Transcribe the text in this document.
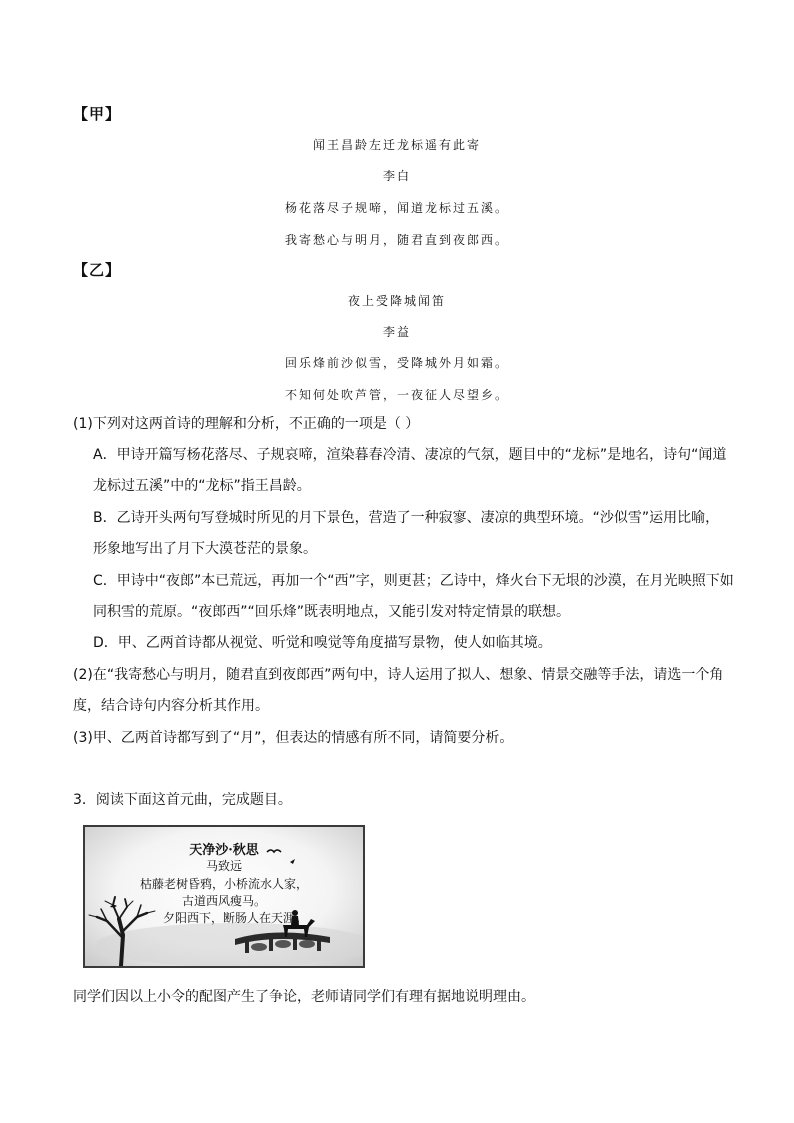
【甲】
闻王昌龄左迁龙标遥有此寄
李白
杨花落尽子规啼，闻道龙标过五溪。
我寄愁心与明月，随君直到夜郎西。
【乙】
夜上受降城闻笛
李益
回乐烽前沙似雪，受降城外月如霜。
不知何处吹芦管，一夜征人尽望乡。
(1)下列对这两首诗的理解和分析，不正确的一项是（ ）
A．甲诗开篇写杨花落尽、子规哀啼，渲染暮春冷清、凄凉的气氛，题目中的“龙标”是地名，诗句“闻道
龙标过五溪”中的“龙标”指王昌龄。
B．乙诗开头两句写登城时所见的月下景色，营造了一种寂寥、凄凉的典型环境。“沙似雪”运用比喻，
形象地写出了月下大漠苍茫的景象。
C．甲诗中“夜郎”本已荒远，再加一个“西”字，则更甚；乙诗中，烽火台下无垠的沙漠，在月光映照下如
同积雪的荒原。“夜郎西”“回乐烽”既表明地点，又能引发对特定情景的联想。
D．甲、乙两首诗都从视觉、听觉和嗅觉等角度描写景物，使人如临其境。
(2)在“我寄愁心与明月，随君直到夜郎西”两句中，诗人运用了拟人、想象、情景交融等手法，请选一个角
度，结合诗句内容分析其作用。
(3)甲、乙两首诗都写到了“月”，但表达的情感有所不同，请简要分析。
3．阅读下面这首元曲，完成题目。
天净沙·秋思
马致远
枯藤老树昏鸦，小桥流水人家，
古道西风瘦马。
夕阳西下，断肠人在天涯。
同学们因以上小令的配图产生了争论，老师请同学们有理有据地说明理由。
